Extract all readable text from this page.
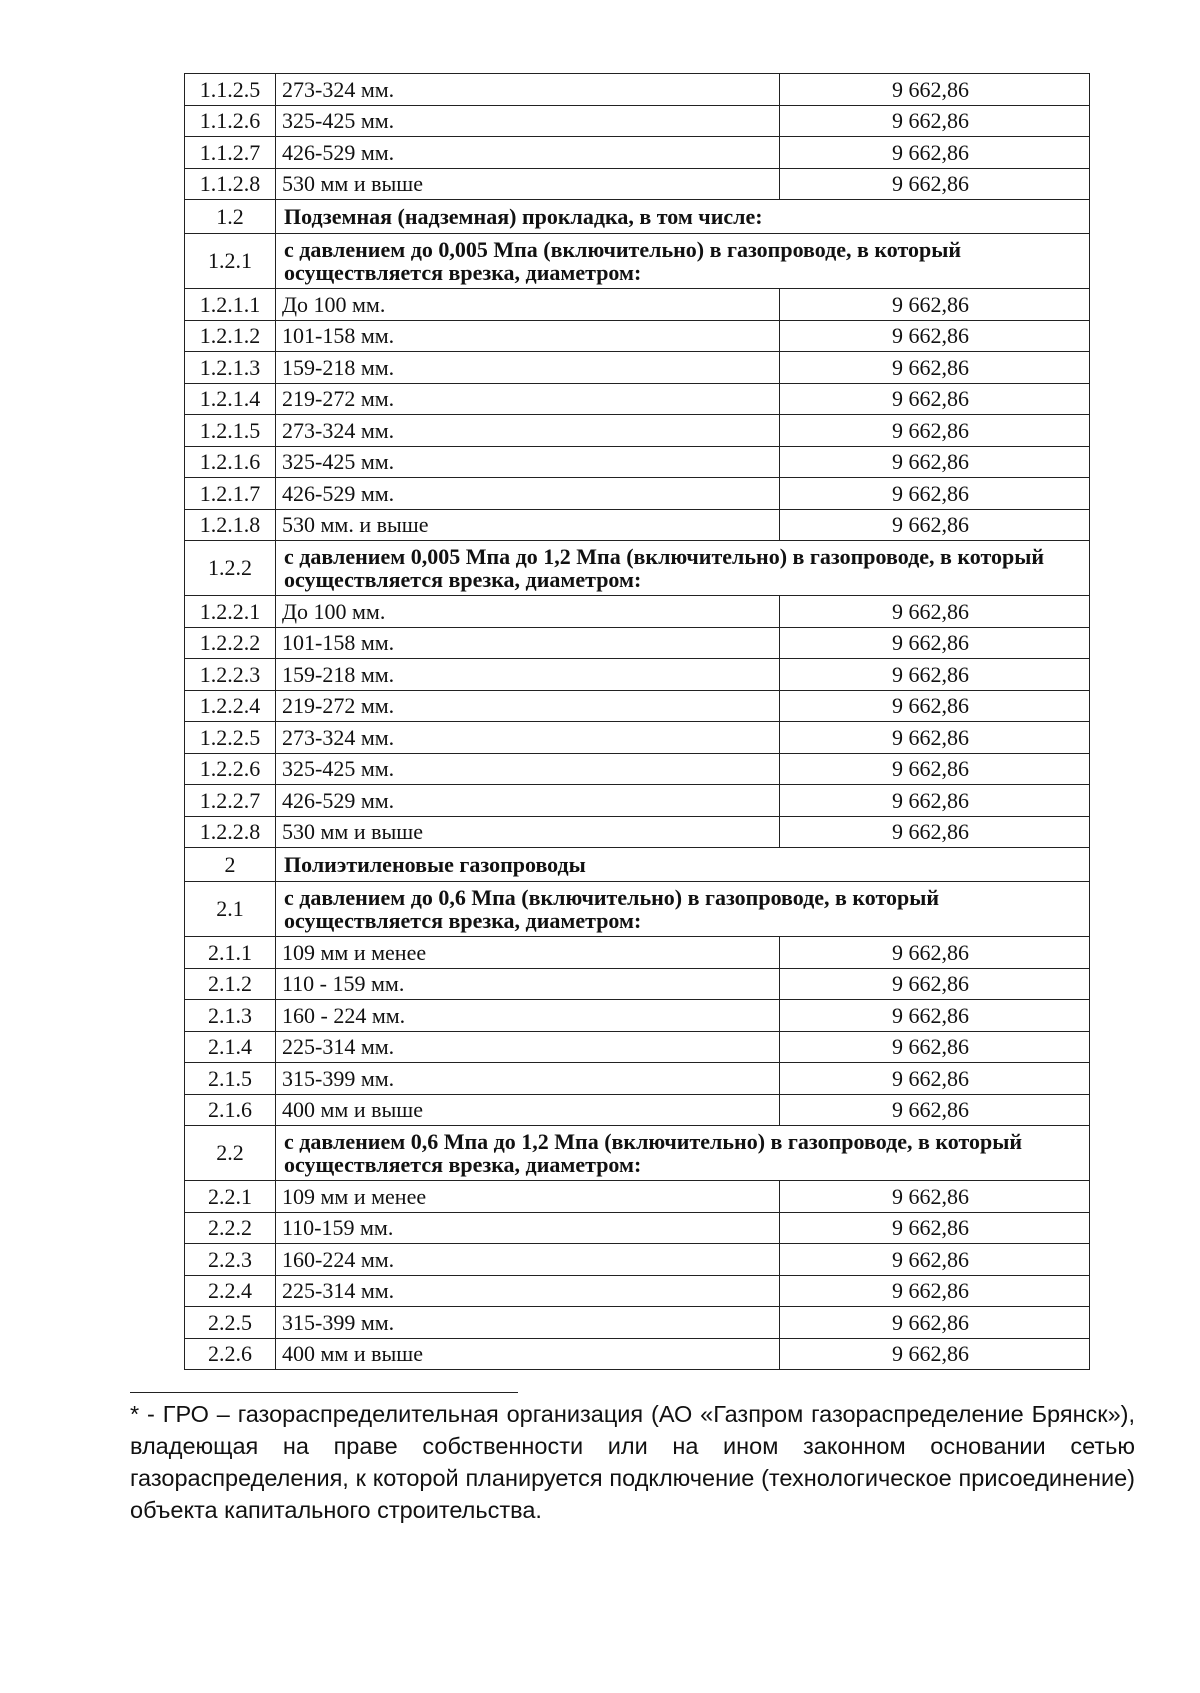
1.1.2.5	273-324 мм.	9 662,86
1.1.2.6	325-425 мм.	9 662,86
1.1.2.7	426-529 мм.	9 662,86
1.1.2.8	530 мм и выше	9 662,86
1.2	Подземная (надземная) прокладка, в том числе:	
1.2.1	с давлением до 0,005 Мпа (включительно) в газопроводе, в который осуществляется врезка, диаметром:	
1.2.1.1	До 100 мм.	9 662,86
1.2.1.2	101-158 мм.	9 662,86
1.2.1.3	159-218 мм.	9 662,86
1.2.1.4	219-272 мм.	9 662,86
1.2.1.5	273-324 мм.	9 662,86
1.2.1.6	325-425 мм.	9 662,86
1.2.1.7	426-529 мм.	9 662,86
1.2.1.8	530 мм. и выше	9 662,86
1.2.2	с давлением 0,005 Мпа до 1,2 Мпа (включительно) в газопроводе, в который осуществляется врезка, диаметром:	
1.2.2.1	До 100 мм.	9 662,86
1.2.2.2	101-158 мм.	9 662,86
1.2.2.3	159-218 мм.	9 662,86
1.2.2.4	219-272 мм.	9 662,86
1.2.2.5	273-324 мм.	9 662,86
1.2.2.6	325-425 мм.	9 662,86
1.2.2.7	426-529 мм.	9 662,86
1.2.2.8	530 мм и выше	9 662,86
2	Полиэтиленовые газопроводы	
2.1	с давлением до 0,6 Мпа (включительно) в газопроводе, в который осуществляется врезка, диаметром:	
2.1.1	109 мм и менее	9 662,86
2.1.2	110 - 159 мм.	9 662,86
2.1.3	160 - 224 мм.	9 662,86
2.1.4	225-314 мм.	9 662,86
2.1.5	315-399 мм.	9 662,86
2.1.6	400 мм и выше	9 662,86
2.2	с давлением 0,6 Мпа до 1,2 Мпа (включительно) в газопроводе, в который осуществляется врезка, диаметром:	
2.2.1	109 мм и менее	9 662,86
2.2.2	110-159 мм.	9 662,86
2.2.3	160-224 мм.	9 662,86
2.2.4	225-314 мм.	9 662,86
2.2.5	315-399 мм.	9 662,86
2.2.6	400 мм и выше	9 662,86

* - ГРО – газораспределительная организация (АО «Газпром газораспределение Брянск»), владеющая на праве собственности или на ином законном основании сетью газораспределения, к которой планируется подключение (технологическое присоединение) объекта капитального строительства.
